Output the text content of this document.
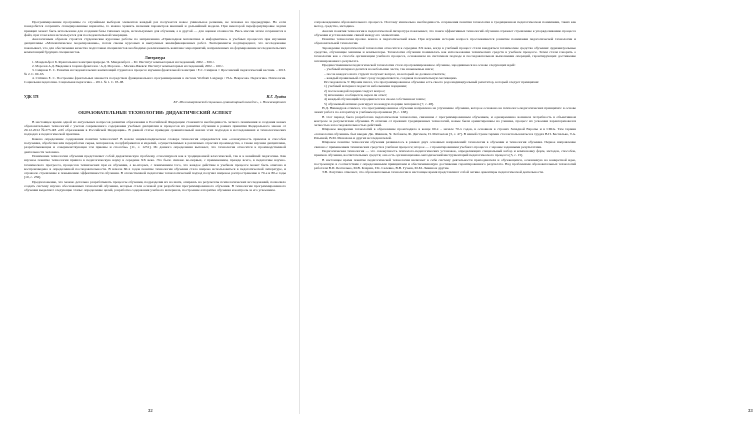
Программирование программы со случайным выбором элементов каждый раз получается новое уникальное решение, не похожее на предыдущие. Но если понадобится сохранить сгенерированные варианты, то можно хранить значения параметров внешней и дальнейшей модели. При некоторой переформулировке задачи принцип может быть использован для создания базы типовых задач, используемых для обучения, а в другой — для оценки сложности. Весь массив затем сохраняется в файл, при этом ключ используется для последовательной генерации.

Аналогичным образом строятся студенческие курсовые работы по направлению «Прикладная математика и информатика» в учебных процессах при изучении дисциплины «Математическое моделирование», потом смены курсовых и выпускных квалификационных работ. Эксперименты подтверждают, что исследование показывает, что для обеспечения качества подготовки специалистов необходимо реализовывать комплекс мероприятий, направленных на формирование исследовательских компетенций будущих специалистов.

Литература

1. Мандельброт Б. Фрактальная геометрия природы / Б. Мандельброт. – М.: Институт компьютерных исследований, 2002. – 656 с.

2. Морозов А.Д. Введение в теорию фракталов / А.Д. Морозов. – Москва-Ижевск: Институт компьютерных исследований, 2002. – 160 с.

3. Смирнов Е. С. Развитие исследовательских компетенций студентов в процессе изучения фрактальной геометрии / Е.С. Смирнов // Ярославский педагогический вестник. – 2013. № 2. С. 60–63.

4. Стёпина Е. С. Построение фрактальных множеств посредством функционального программирования в системе Wolfram Language / Н.А. Некрасова. Педагогика. Психология. Социальная педагогика. Социальная педагогика. – 2011. № 1. С. 93–98.

УДК 378	Н.Г. Лунёва
БУ «Нижневартовский социально-гуманитарный колледж», г. Нижневартовск
ОБРАЗОВАТЕЛЬНЫЕ ТЕХНОЛОГИИ: ДИДАКТИЧЕСКИЙ АСПЕКТ

В настоящее время одной из актуальных вопросов развития образования в Российской Федерации становится необходимость четкого понимания и создания новых образовательных технологий с учетом современного содержания учебных дисциплин и процессов их развития обучения в рамках принятия Федерального закона от 29.12.2012 №273-ФЗ «Об образовании в Российской Федерации». В данной статье приведен сравнительный анализ этих подходов в исследованиях и технологических подходах к педагогической практике.

Каково определение содержания понятия технология? В новом энциклопедическом словаре технология определяется как «совокупность приемов и способов получения, обработки или переработки сырья, материалов, полуфабрикатов и изделий, осуществляемых в различных отраслях производства, а также научная дисциплина, разрабатывающая и совершенствующая эти приемы и способы» [11, с. 1231]. Из данного определения вытекает, что технология относится к производственной деятельности человека.

Понимание технологии обучения представляет собой дидактическую проблему, относящуюся как к традиционной классической, так и к новейшей педагогике. Как научное понятие технология пришла в педагогическую науку в середине XX века. Это было связано во-первых, с применением, прежде всего, в педагогике научно-технического прогресса, процессов технических при ее обучении, а во-вторых, с пониманием того, что каждое действие в учебном процессе может быть описано и воспроизведено в определенной последовательности. В начале 60-х годов понятие технологии обучения стало широко использоваться в педагогической литературе, и отражало стремление к повышению эффективности обучения. В отечественной педагогике технологический подход получил широкое распространение в 70-е и 80-е годы [10, с. 256].

Предположение, что можно детально разрабатывать процессы обучения, подразделив их на шаги, опираясь на результаты психологических исследований, позволило создать систему научно обоснованных технологий обучения, которые стали основой для разработки программированного обучения. В технологии программированного обучения выделяют следующие этапы: определение целей, разработка содержания учебного материала, построение алгоритма обучения и контроль за его усвоением.

32

сопровождением образовательного процесса. Поэтому изначально необходимость сохранения понятия технология в традиционном педагогическом понимании, таких как метод, средство, методика.

Анализ понятия технология в педагогической литературе показывает, что поиск эффективных технологий обучения отражает стремление к упорядочиванию процесса обучения и установлению связей между его элементами.

Понятие технология прочно вошло в педагогический язык. При изучении истории вопроса прослеживается развитие понимания педагогической технологии и образовательной технологии.

Зарождение педагогической технологии относится к середине XX века, когда в учебный процесс стали внедряться технические средства обучения: аудиовизуальные средства, обучающие машины и компьютеры. Технология обучения понималась как использование технических средств в учебном процессе. Затем стали говорить о технологии как о способе организации учебного процесса, основанном на системном подходе и последовательном выполнении операций, гарантирующих достижение запланированного результата.

Предшественником педагогической технологии стало программированное обучение, зародившееся на основе следующих идей:

– учебный материал делится на небольшие части, так называемые шаги;

– после каждого шага студент получает вопрос, на который он должен ответить;

– каждый правильный ответ сразу подкрепляется, создавая положительную мотивацию.

Исследователь У. Шрамм писал, что программированное обучение есть своего рода индивидуальный репетитор, который следует принципам:

1) учебный материал подается небольшими порциями;

2) после каждой порции следует вопрос;

3) мгновенно сообщается, верен ли ответ;

4) каждый обучающийся продвигается в своем собственном темпе;

5) обучаемый активно реагирует на каждую порцию материала [7, с. 48].

Н.Д. Никандров отмечал, что программированное обучение направлено на улучшение обучения, которое основано на психолого-педагогических принципах: в основе лежит работа по алгоритму и учебным программам [8, с. 168].

В этот период была разработана педагогическая технология, связанная с программированным обучением, и одновременно возникла потребность в объективном контроле за результатами обучения. В отличие от прежних традиционных технологий, новые были ориентированы на ученика, процесс их усвоения характеризовался четкостью и последовательностью действий.

Широкое внедрение технологий в образование происходило в конце 60-х – начале 70-х годов, в основном в странах Западной Европы и в США. Там термин «технология обучения» был введен Дж. Финном, Ч. Хобаном, Ф. Дигэмом, П. Митчелом [3, с. 47]. В нашей стране термин стал использоваться в трудах В.П. Беспалько, Т.А. Ильиной, В.М. Монахова и других исследователей.

Широкое понятие технологии обучения развивалось в рамках двух основных направлений: технология в обучении и технология обучения. Первое направление связано с применением технических средств в учебном процессе; второе — с проектированием учебного процесса с заранее заданными результатами.

Педагогическая технология — это совокупность психолого-педагогических установок, определяющих специальный набор и компоновку форм, методов, способов, приемов обучения, воспитательных средств; она есть организационно-методический инструментарий педагогического процесса [5, с. 15].

В настоящее время понятие педагогической технологии включает в себя систему деятельности преподавателя и обучающихся, основанную на конкретной идее, построенную в соответствии с определенными принципами и обеспечивающую достижение гарантированного результата. Над проблемами образовательных технологий работали В.П. Беспалько, М.В. Кларин, Г.К. Селевко, В.В. Гузеев, М.М. Левина и другие.

Т.В. Лазутина отмечает, что образовательные технологии в настоящее время представляют собой четкие ориентиры педагогической деятельности.

33
